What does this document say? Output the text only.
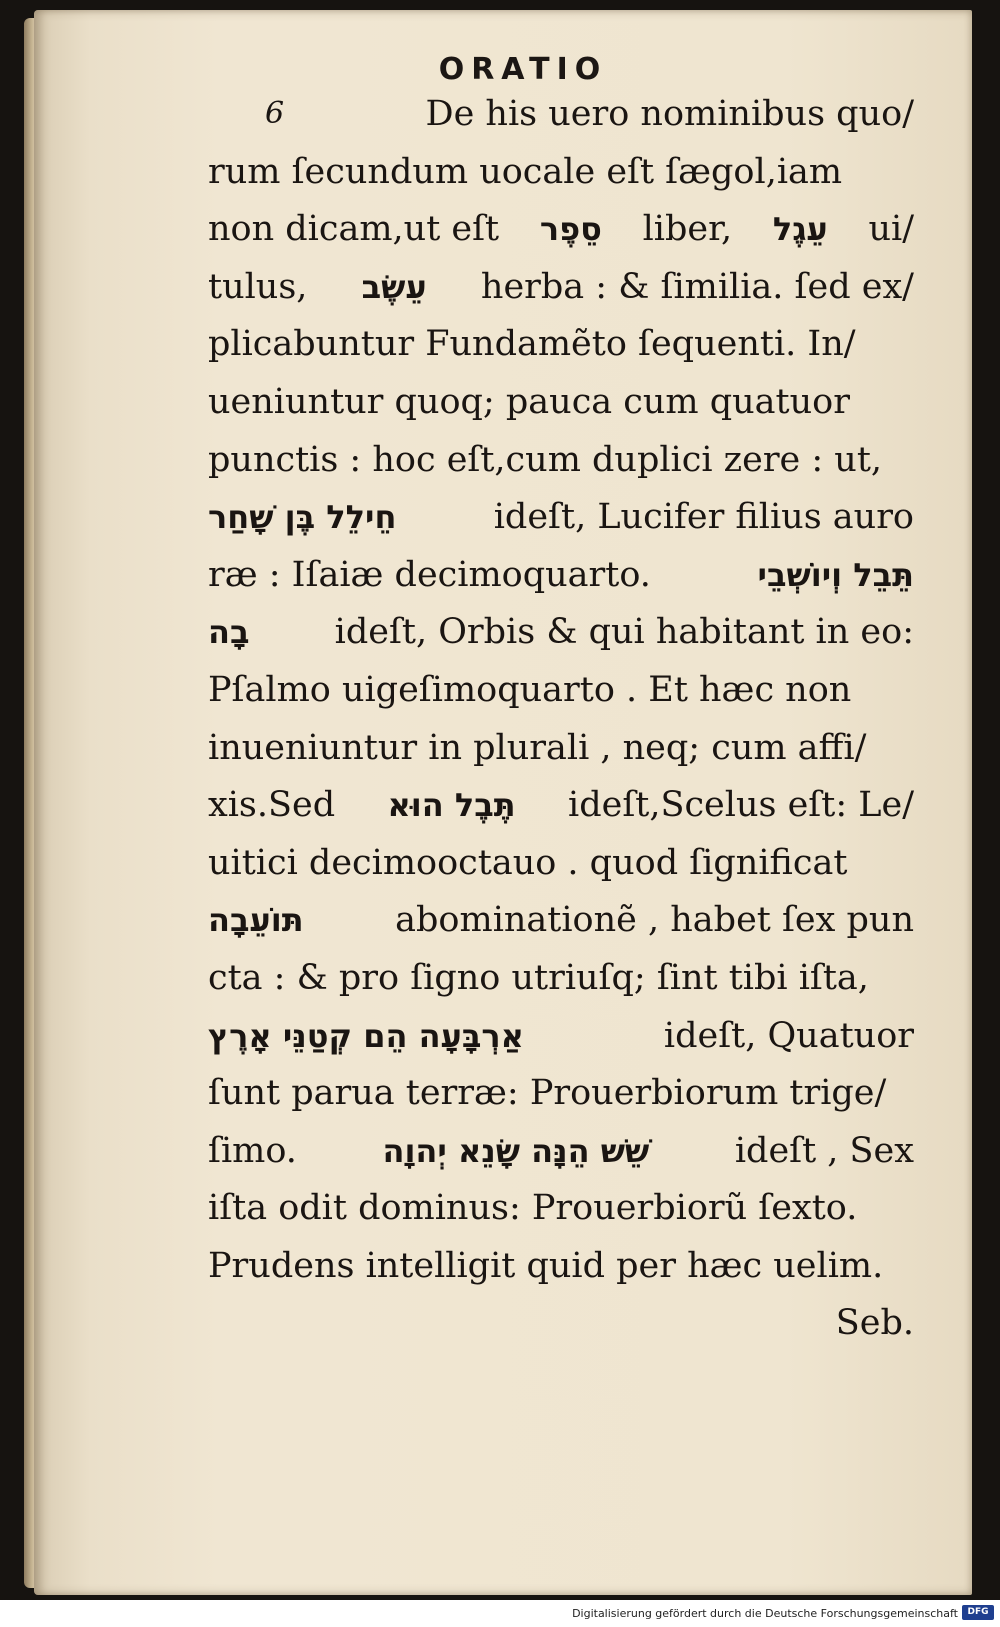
ORATIO
6	De his uero nominibus quo/
rum ſecundum uocale eſt ſægol,iam
non dicam,ut eſt סֵפֶר liber, עֵגֶל ui/
tulus, עֵשֶׂב herba : & ſimilia. ſed ex/
plicabuntur Fundamẽto ſequenti. In/
ueniuntur quoq; pauca cum quatuor
punctis : hoc eſt,cum duplici zere : ut,
חֵילֵל בֶּן שָׁחַר	ideſt, Lucifer filius auro
ræ : Iſaiæ decimoquarto.	תֵּבֵל וְיוֹשְׁבֵי
בָה ideſt, Orbis & qui habitant in eo:
Pſalmo uigeſimoquarto . Et hæc non
inueniuntur in plurali , neq; cum affi/
xis.Sed תֶּבֶל הוּא ideſt,Scelus eſt: Le/
uitici decimooctauo . quod ſignificat
תּוֹעֵבָה	abominationẽ , habet ſex pun
cta : & pro ſigno utriuſq; ſint tibi iſta,
אַרְבָּעָה הֵם קְטַנֵּי אָרֶץ	ideſt, Quatuor
ſunt parua terræ: Prouerbiorum trige/
ſimo.	שֵׁשׁ הֵנָּה שָׂנֵא יְהוָה ideſt , Sex
iſta odit dominus: Prouerbiorũ ſexto.
Prudens intelligit quid per hæc uelim.
Seb.
Digitalisierung gefördert durch die Deutsche Forschungsgemeinschaft	DFG
